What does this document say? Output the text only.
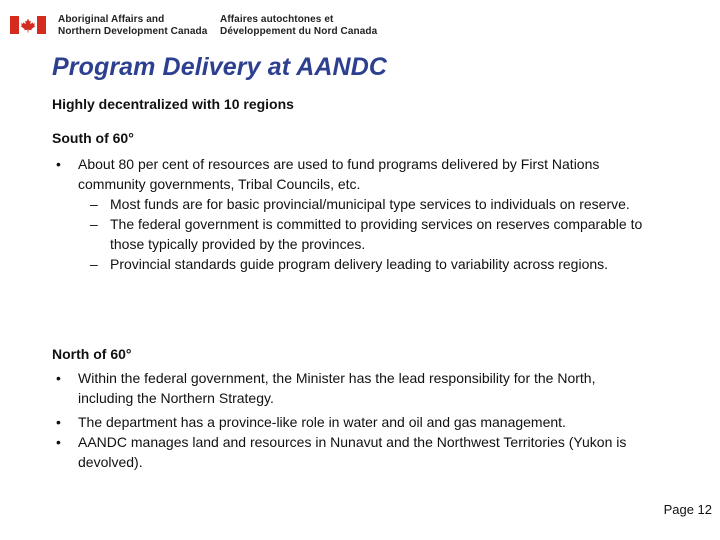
Aboriginal Affairs and
Northern Development Canada
Affaires autochtones et
Développement du Nord Canada
Program Delivery at AANDC
Highly decentralized with 10 regions
South of 60°
• About 80 per cent of resources are used to fund programs delivered by First Nations community governments, Tribal Councils, etc.
– Most funds are for basic provincial/municipal type services to individuals on reserve.
– The federal government is committed to providing services on reserves comparable to those typically provided by the provinces.
– Provincial standards guide program delivery leading to variability across regions.
North of 60°
• Within the federal government, the Minister has the lead responsibility for the North, including the Northern Strategy.
• The department has a province-like role in water and oil and gas management.
• AANDC manages land and resources in Nunavut and the Northwest Territories (Yukon is devolved).
Page 12
